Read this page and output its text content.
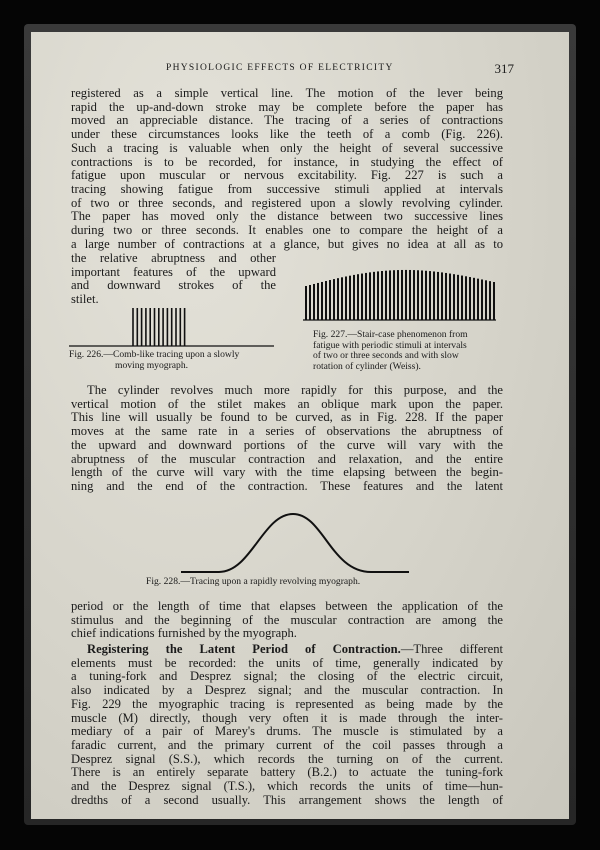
PHYSIOLOGIC EFFECTS OF ELECTRICITY	317
registered as a simple vertical line. The motion of the lever being
rapid the up-and-down stroke may be complete before the paper has
moved an appreciable distance. The tracing of a series of contractions
under these circumstances looks like the teeth of a comb (Fig. 226).
Such a tracing is valuable when only the height of several successive
contractions is to be recorded, for instance, in studying the effect of
fatigue upon muscular or nervous excitability. Fig. 227 is such a
tracing showing fatigue from successive stimuli applied at intervals
of two or three seconds, and registered upon a slowly revolving cylinder.
The paper has moved only the distance between two successive lines
during two or three seconds. It enables one to compare the height of a
a large number of contractions at a glance, but gives no idea at all as to
the relative abruptness and other
important features of the upward
and downward strokes of the
stilet.
Fig. 226.—Comb-like tracing upon a slowly
moving myograph.
Fig. 227.—Stair-case phenomenon from
fatigue with periodic stimuli at intervals
of two or three seconds and with slow
rotation of cylinder (Weiss).
The cylinder revolves much more rapidly for this purpose, and the
vertical motion of the stilet makes an oblique mark upon the paper.
This line will usually be found to be curved, as in Fig. 228. If the paper
moves at the same rate in a series of observations the abruptness of
the upward and downward portions of the curve will vary with the
abruptness of the muscular contraction and relaxation, and the entire
length of the curve will vary with the time elapsing between the begin-
ning and the end of the contraction. These features and the latent
Fig. 228.—Tracing upon a rapidly revolving myograph.
period or the length of time that elapses between the application of the
stimulus and the beginning of the muscular contraction are among the
chief indications furnished by the myograph.
Registering the Latent Period of Contraction.—Three different
elements must be recorded: the units of time, generally indicated by
a tuning-fork and Desprez signal; the closing of the electric circuit,
also indicated by a Desprez signal; and the muscular contraction. In
Fig. 229 the myographic tracing is represented as being made by the
muscle (M) directly, though very often it is made through the inter-
mediary of a pair of Marey's drums. The muscle is stimulated by a
faradic current, and the primary current of the coil passes through a
Desprez signal (S.S.), which records the turning on of the current.
There is an entirely separate battery (B.2.) to actuate the tuning-fork
and the Desprez signal (T.S.), which records the units of time—hun-
dredths of a second usually. This arrangement shows the length of
